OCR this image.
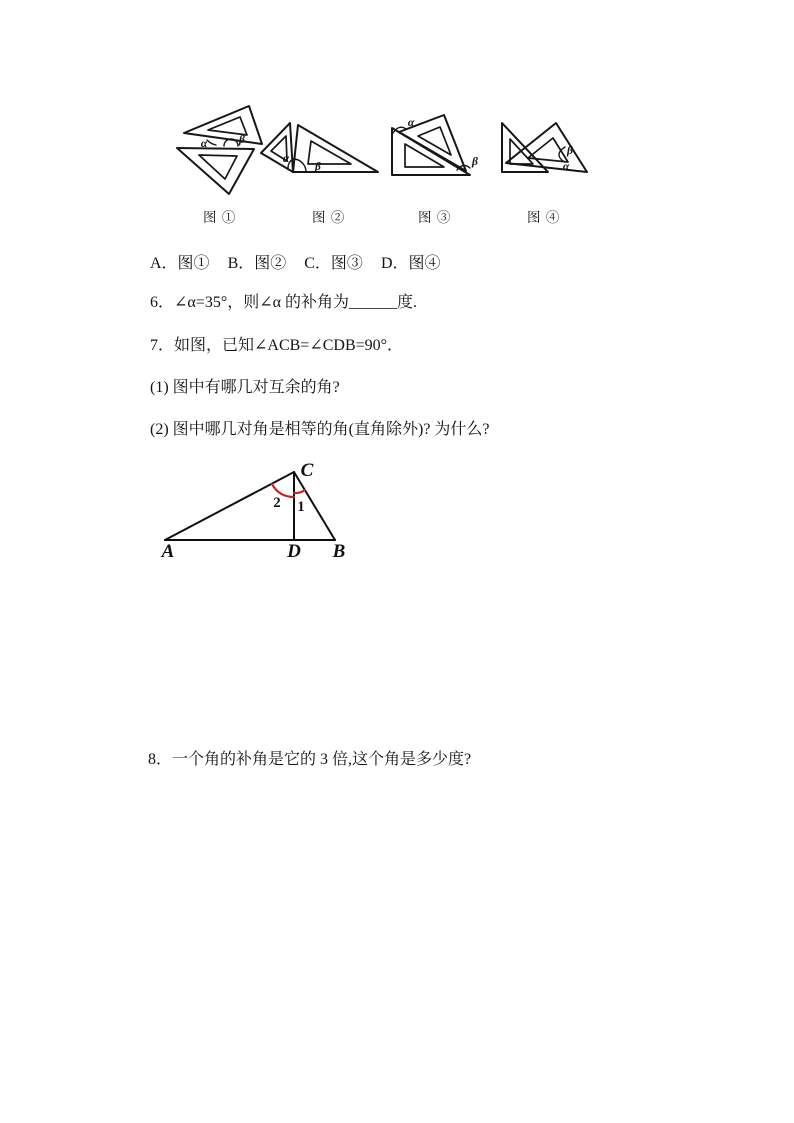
α	β
α
β
α
β
β
α
图 ①	图 ②	图 ③	图 ④
A．图① B．图② C．图③ D．图④
6．∠α=35°，则∠α 的补角为______度.
7．如图，已知∠ACB=∠CDB=90°．
(1) 图中有哪几对互余的角?
(2) 图中哪几对角是相等的角(直角除外)? 为什么?
A	D B
C
2 1
8．一个角的补角是它的 3 倍,这个角是多少度?
